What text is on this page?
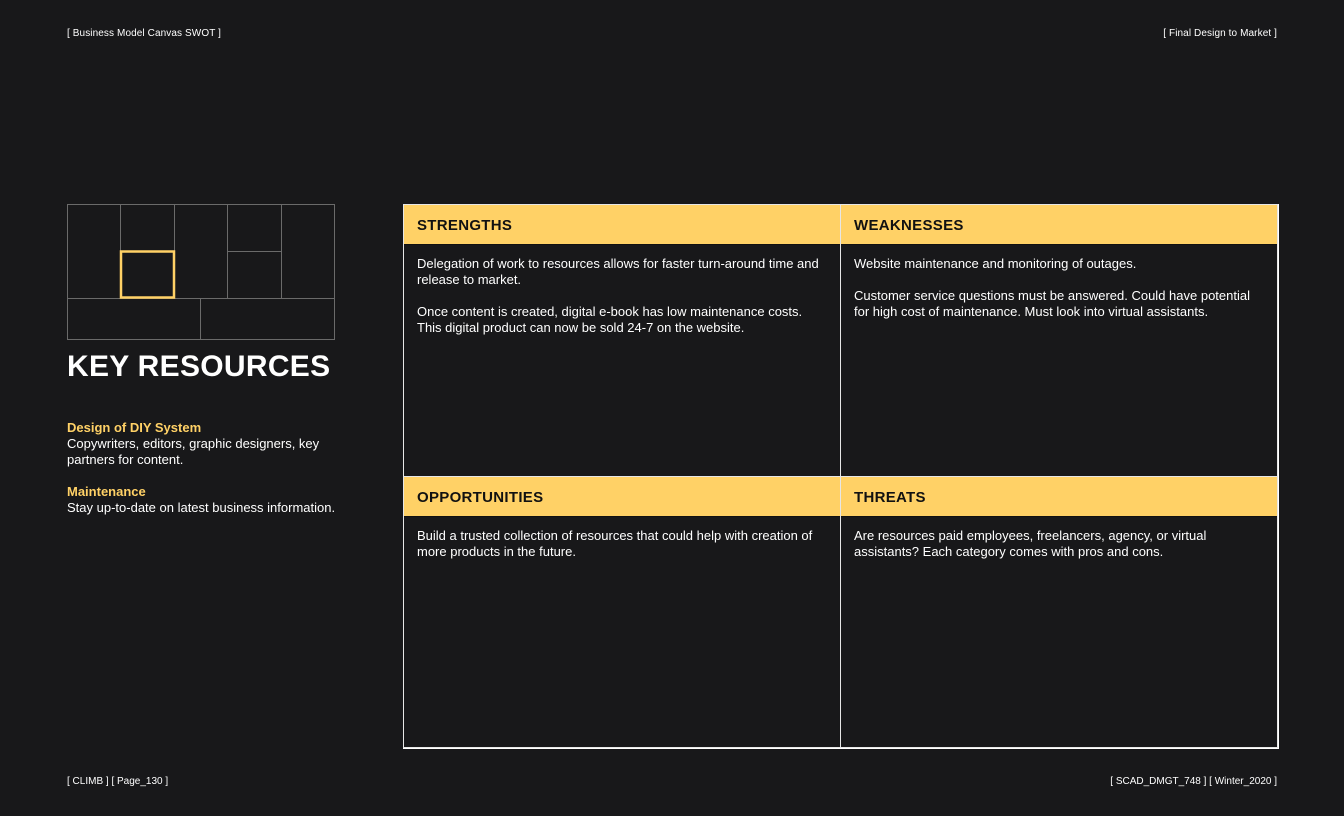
[ Business Model Canvas SWOT ]	[ Final Design to Market ]
KEY RESOURCES
Design of DIY System
Copywriters, editors, graphic designers, key partners for content.
Maintenance
Stay up-to-date on latest business information.
STRENGTHS

Delegation of work to resources allows for faster turn-around time and release to market.

Once content is created, digital e-book has low maintenance costs. This digital product can now be sold 24-7 on the website.

WEAKNESSES

Website maintenance and monitoring of outages.

Customer service questions must be answered. Could have potential for high cost of maintenance. Must look into virtual assistants.

OPPORTUNITIES

Build a trusted collection of resources that could help with creation of more products in the future.

THREATS

Are resources paid employees, freelancers, agency, or virtual assistants? Each category comes with pros and cons.

[ CLIMB ] [ Page_130 ]	[ SCAD_DMGT_748 ] [ Winter_2020 ]
